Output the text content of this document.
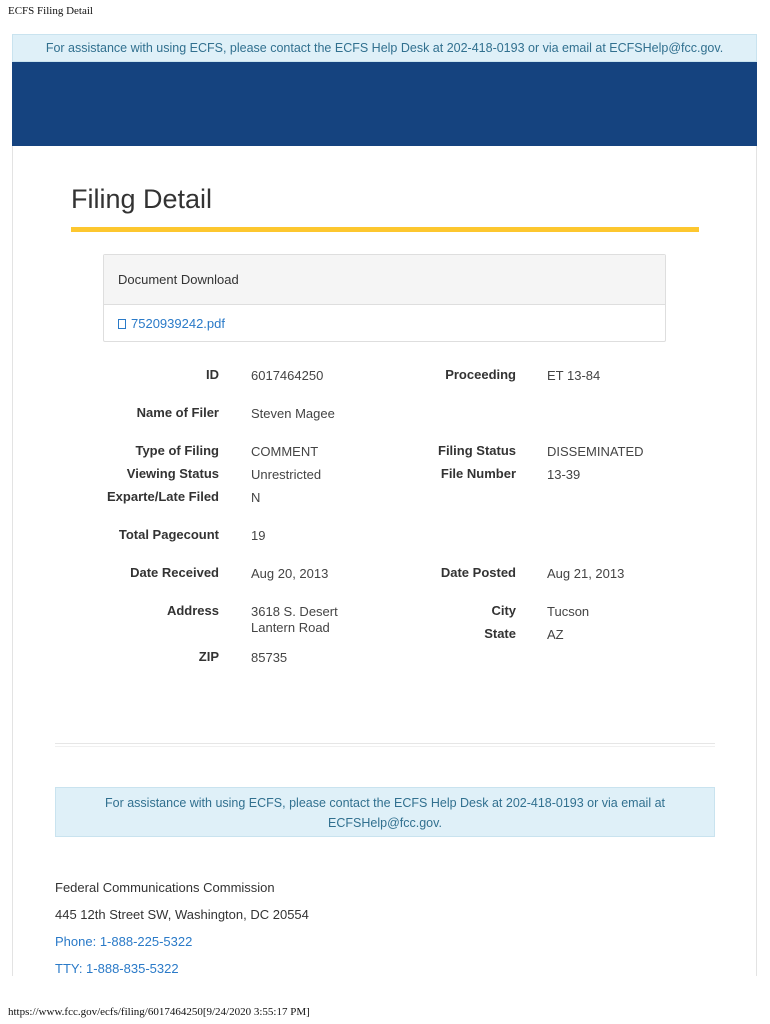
ECFS Filing Detail
For assistance with using ECFS, please contact the ECFS Help Desk at 202-418-0193 or via email at ECFSHelp@fcc.gov.
Filing Detail
Document Download
7520939242.pdf
ID 6017464250	Proceeding ET 13-84
Name of Filer Steven Magee
Type of Filing COMMENT	Filing Status DISSEMINATED
Viewing Status Unrestricted	File Number 13-39
Exparte/Late Filed N
Total Pagecount 19
Date Received Aug 20, 2013	Date Posted Aug 21, 2013
Address 3618 S. Desert
Lantern Road
City Tucson
State AZ
ZIP 85735
For assistance with using ECFS, please contact the ECFS Help Desk at 202-418-0193 or via email at
ECFSHelp@fcc.gov.
Federal Communications Commission
445 12th Street SW, Washington, DC 20554
Phone: 1-888-225-5322
TTY: 1-888-835-5322
https://www.fcc.gov/ecfs/filing/6017464250[9/24/2020 3:55:17 PM]
